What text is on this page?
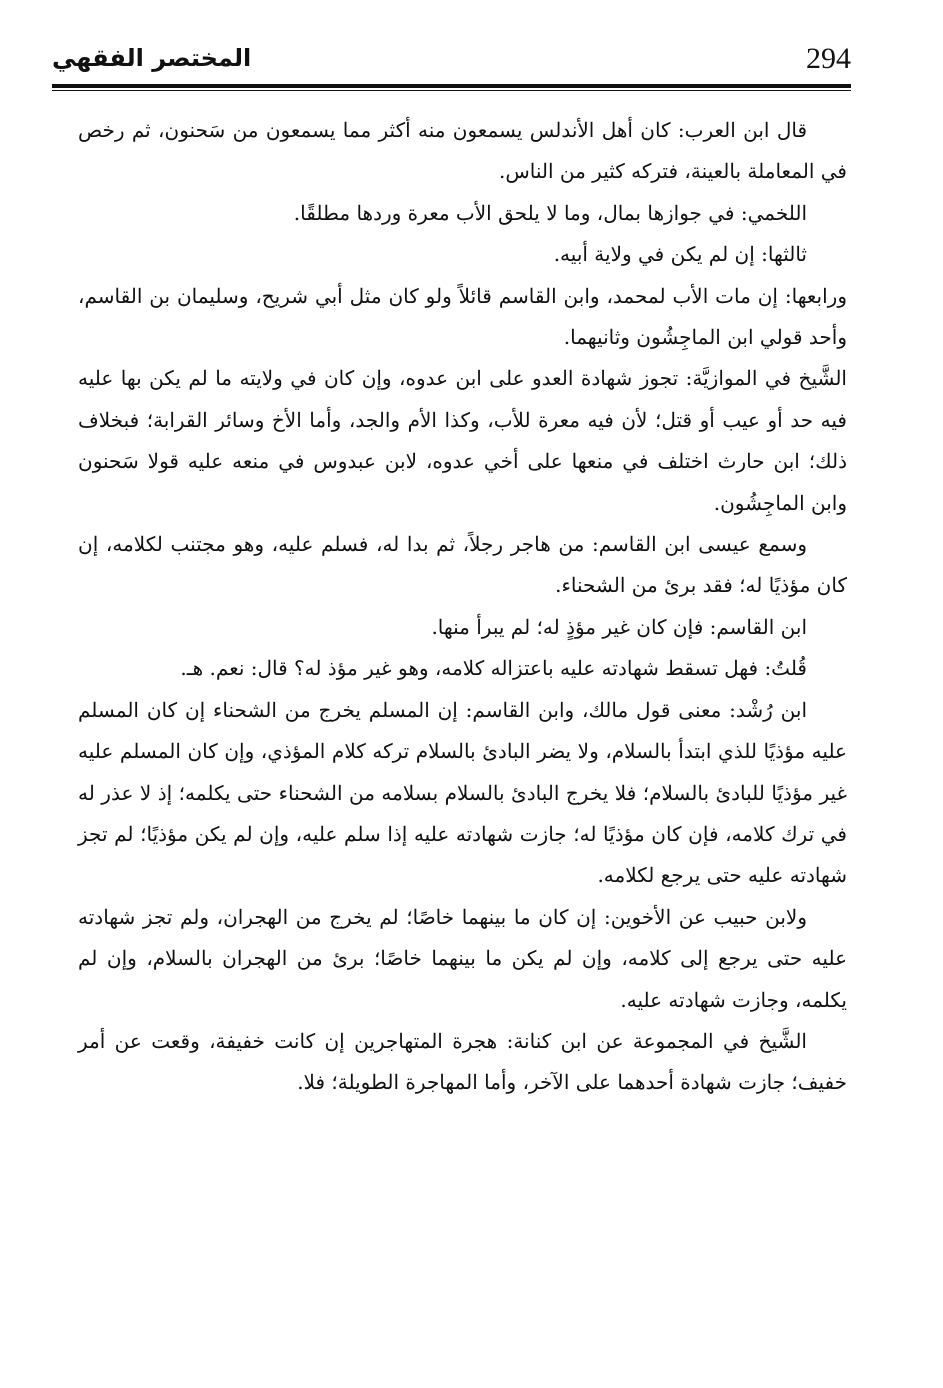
294
المختصر الفقهي

قال ابن العرب: كان أهل الأندلس يسمعون منه أكثر مما يسمعون من سَحنون، ثم رخص في المعاملة بالعينة، فتركه كثير من الناس.

اللخمي: في جوازها بمال، وما لا يلحق الأب معرة وردها مطلقًا.

ثالثها: إن لم يكن في ولاية أبيه.

ورابعها: إن مات الأب لمحمد، وابن القاسم قائلاً ولو كان مثل أبي شريح، وسليمان بن القاسم، وأحد قولي ابن الماجِشُون وثانيهما.

الشَّيخ في الموازيَّة: تجوز شهادة العدو على ابن عدوه، وإن كان في ولايته ما لم يكن بها عليه فيه حد أو عيب أو قتل؛ لأن فيه معرة للأب، وكذا الأم والجد، وأما الأخ وسائر القرابة؛ فبخلاف ذلك؛ ابن حارث اختلف في منعها على أخي عدوه، لابن عبدوس في منعه عليه قولا سَحنون وابن الماجِشُون.

وسمع عيسى ابن القاسم: من هاجر رجلاً، ثم بدا له، فسلم عليه، وهو مجتنب لكلامه، إن كان مؤذيًا له؛ فقد برئ من الشحناء.

ابن القاسم: فإن كان غير مؤذٍ له؛ لم يبرأ منها.

قُلتُ: فهل تسقط شهادته عليه باعتزاله كلامه، وهو غير مؤذ له؟ قال: نعم. هـ.

ابن رُشْد: معنى قول مالك، وابن القاسم: إن المسلم يخرج من الشحناء إن كان المسلم عليه مؤذيًا للذي ابتدأ بالسلام، ولا يضر البادئ بالسلام تركه كلام المؤذي، وإن كان المسلم عليه غير مؤذيًا للبادئ بالسلام؛ فلا يخرج البادئ بالسلام بسلامه من الشحناء حتى يكلمه؛ إذ لا عذر له في ترك كلامه، فإن كان مؤذيًا له؛ جازت شهادته عليه إذا سلم عليه، وإن لم يكن مؤذيًا؛ لم تجز شهادته عليه حتى يرجع لكلامه.

ولابن حبيب عن الأخوين: إن كان ما بينهما خاصًا؛ لم يخرج من الهجران، ولم تجز شهادته عليه حتى يرجع إلى كلامه، وإن لم يكن ما بينهما خاصًا؛ برئ من الهجران بالسلام، وإن لم يكلمه، وجازت شهادته عليه.

الشَّيخ في المجموعة عن ابن كنانة: هجرة المتهاجرين إن كانت خفيفة، وقعت عن أمر خفيف؛ جازت شهادة أحدهما على الآخر، وأما المهاجرة الطويلة؛ فلا.
